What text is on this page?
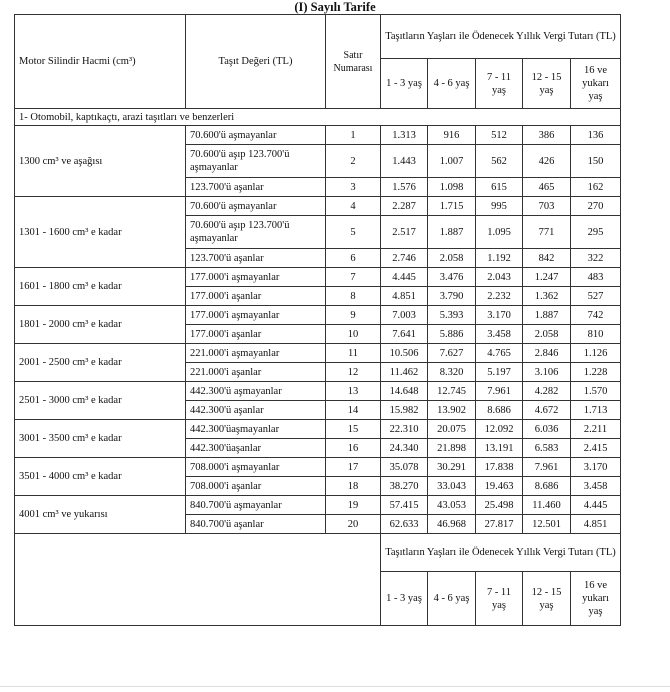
(I) Sayılı Tarife
Motor Silindir Hacmi (cm³)	Taşıt Değeri (TL)	Satır Numarası	Taşıtların Yaşları ile Ödenecek Yıllık Vergi Tutarı (TL)				
			1 - 3 yaş	4 - 6 yaş	7 - 11 yaş	12 - 15 yaş	16 ve yukarı yaş
1- Otomobil, kaptıkaçtı, arazi taşıtları ve benzerleri							
1300 cm³ ve aşağısı	70.600'ü aşmayanlar	1	1.313	916	512	386	136
	70.600'ü aşıp 123.700'ü aşmayanlar	2	1.443	1.007	562	426	150
	123.700'ü aşanlar	3	1.576	1.098	615	465	162
1301 - 1600 cm³ e kadar	70.600'ü aşmayanlar	4	2.287	1.715	995	703	270
	70.600'ü aşıp 123.700'ü aşmayanlar	5	2.517	1.887	1.095	771	295
	123.700'ü aşanlar	6	2.746	2.058	1.192	842	322
1601 - 1800 cm³ e kadar	177.000'i aşmayanlar	7	4.445	3.476	2.043	1.247	483
	177.000'i aşanlar	8	4.851	3.790	2.232	1.362	527
1801 - 2000 cm³ e kadar	177.000'i aşmayanlar	9	7.003	5.393	3.170	1.887	742
	177.000'i aşanlar	10	7.641	5.886	3.458	2.058	810
2001 - 2500 cm³ e kadar	221.000'i aşmayanlar	11	10.506	7.627	4.765	2.846	1.126
	221.000'i aşanlar	12	11.462	8.320	5.197	3.106	1.228
2501 - 3000 cm³ e kadar	442.300'ü aşmayanlar	13	14.648	12.745	7.961	4.282	1.570
	442.300'ü aşanlar	14	15.982	13.902	8.686	4.672	1.713
3001 - 3500 cm³ e kadar	442.300'üaşmayanlar	15	22.310	20.075	12.092	6.036	2.211
	442.300'üaşanlar	16	24.340	21.898	13.191	6.583	2.415
3501 - 4000 cm³ e kadar	708.000'i aşmayanlar	17	35.078	30.291	17.838	7.961	3.170
	708.000'i aşanlar	18	38.270	33.043	19.463	8.686	3.458
4001 cm³ ve yukarısı	840.700'ü aşmayanlar	19	57.415	43.053	25.498	11.460	4.445
	840.700'ü aşanlar	20	62.633	46.968	27.817	12.501	4.851
			Taşıtların Yaşları ile Ödenecek Yıllık Vergi Tutarı (TL)				
			1 - 3 yaş	4 - 6 yaş	7 - 11 yaş	12 - 15 yaş	16 ve yukarı yaş
